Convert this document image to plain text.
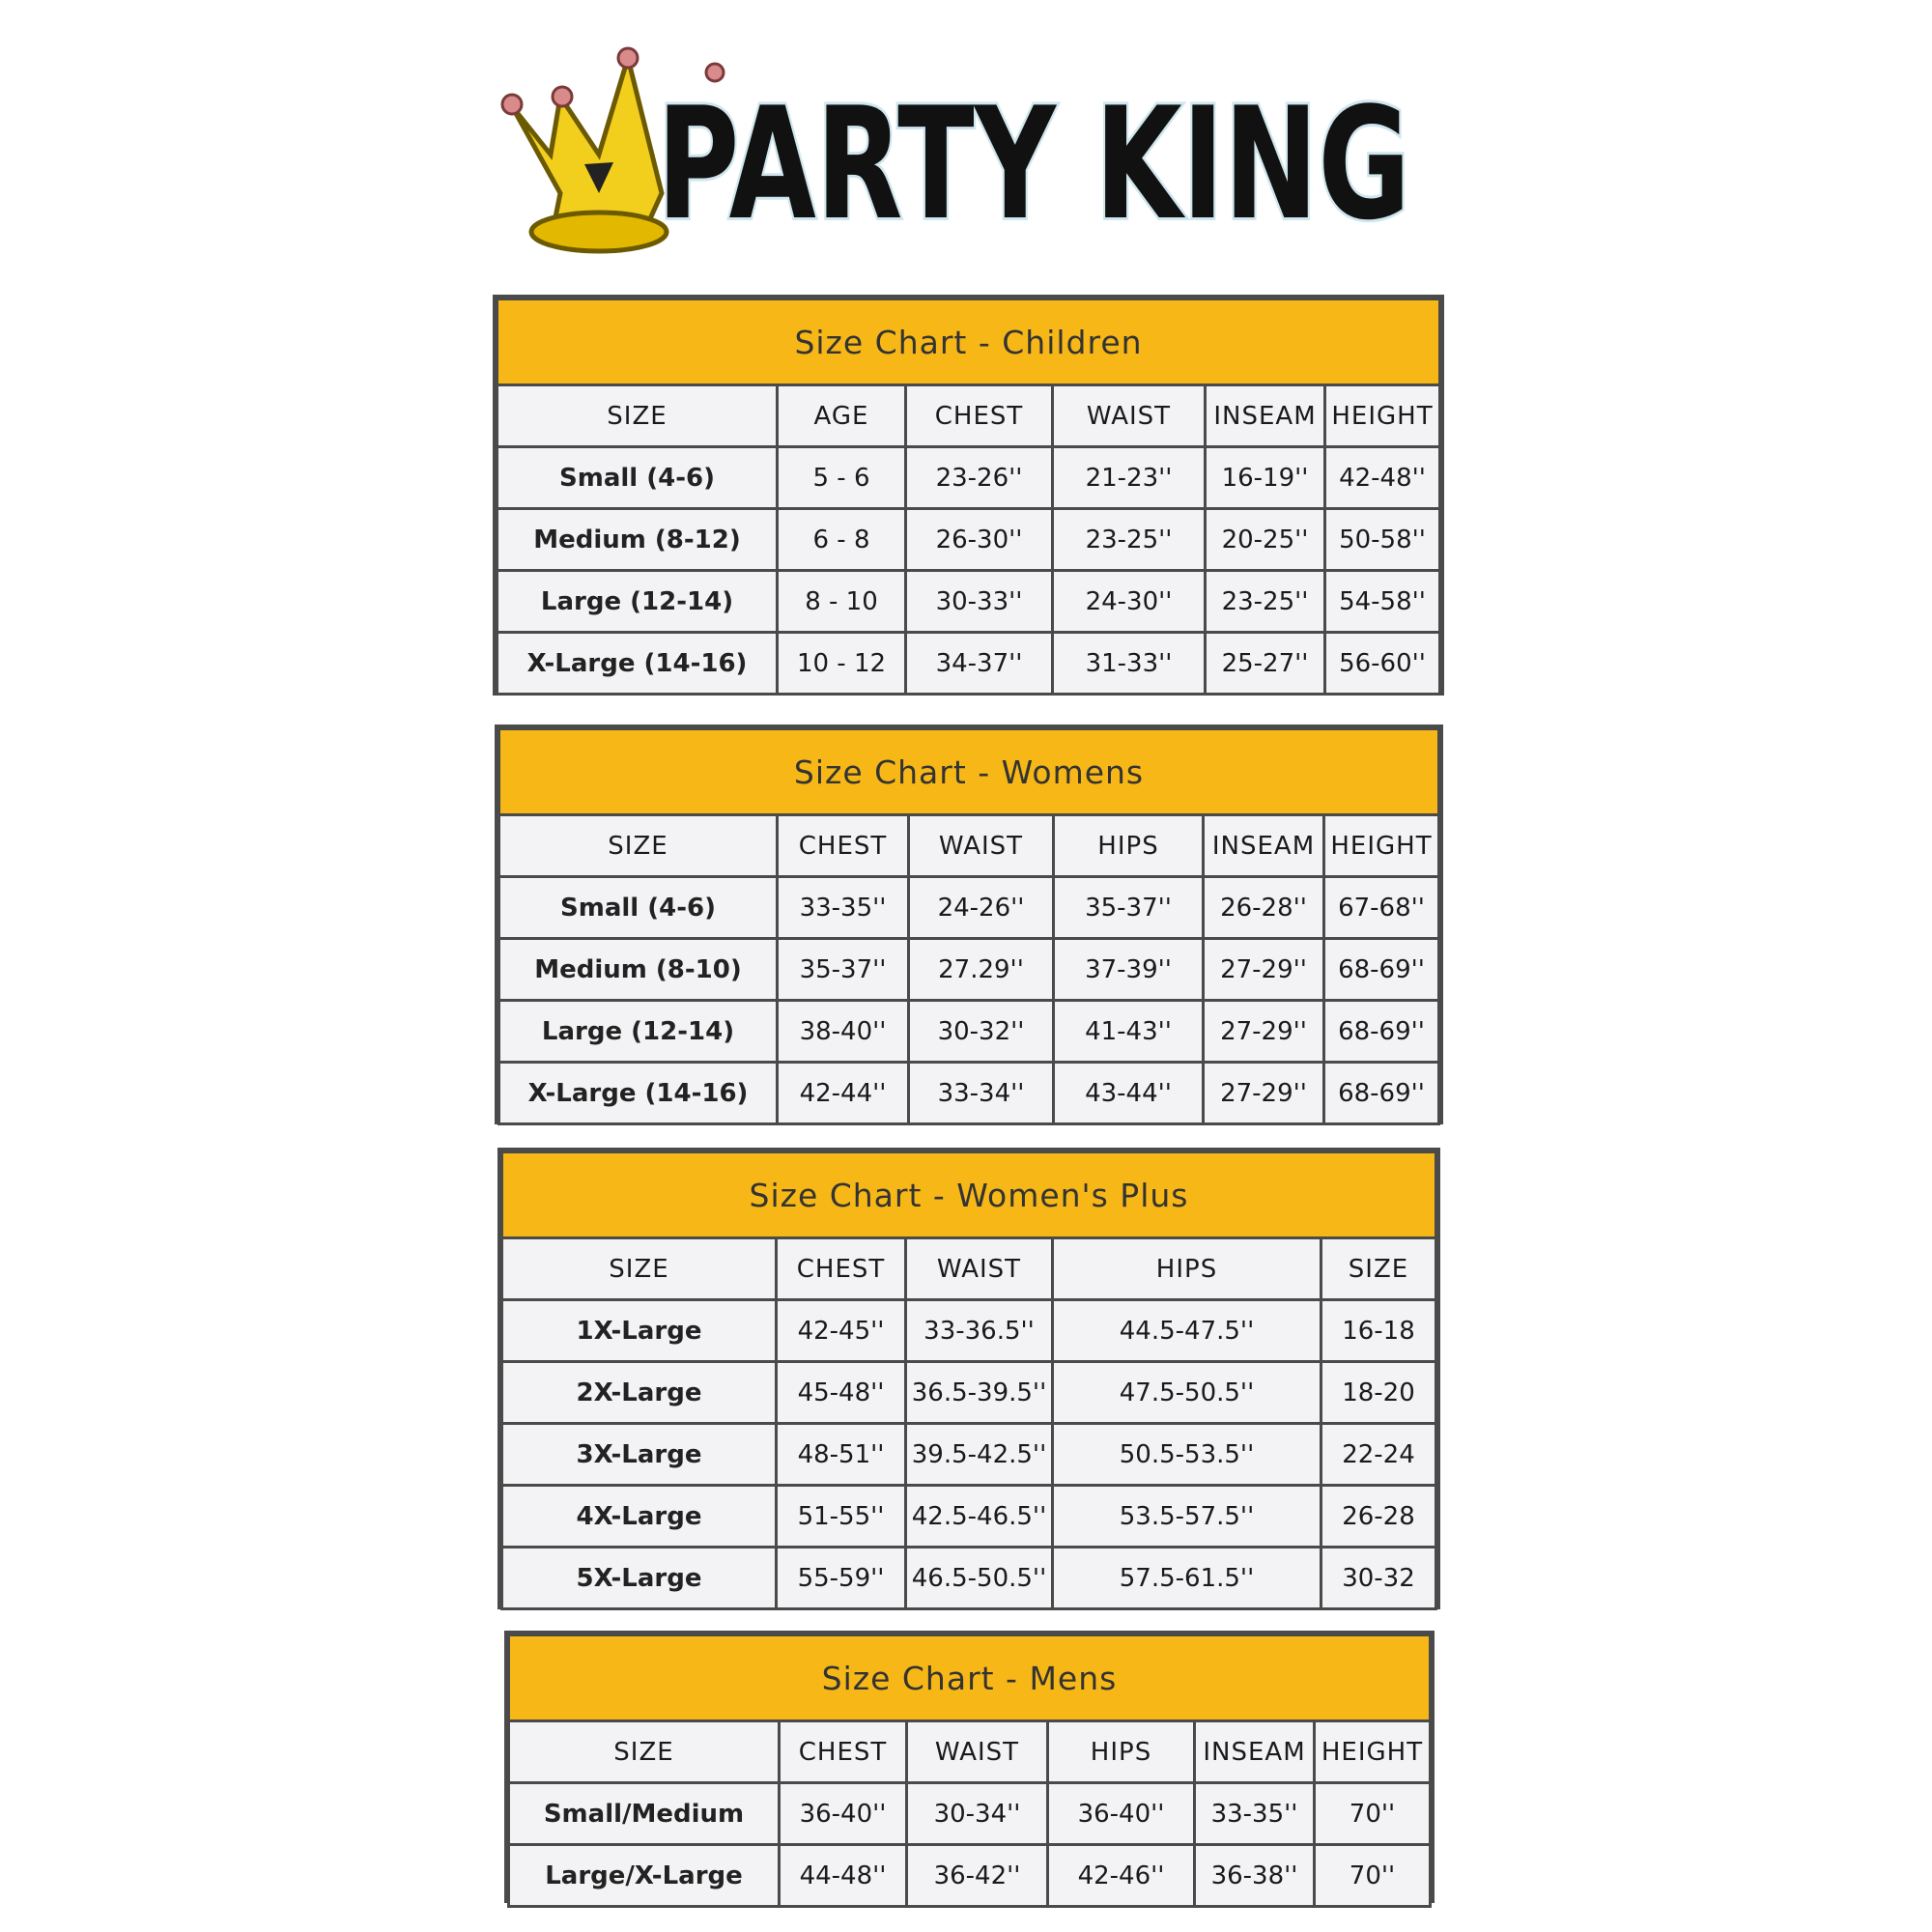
PARTY KING
Size Chart - Children					
SIZE	AGE	CHEST	WAIST	INSEAM	HEIGHT
Small (4-6)	5 - 6	23-26''	21-23''	16-19''	42-48''
Medium (8-12)	6 - 8	26-30''	23-25''	20-25''	50-58''
Large (12-14)	8 - 10	30-33''	24-30''	23-25''	54-58''
X-Large (14-16)	10 - 12	34-37''	31-33''	25-27''	56-60''
Size Chart - Womens					
SIZE	CHEST	WAIST	HIPS	INSEAM	HEIGHT
Small (4-6)	33-35''	24-26''	35-37''	26-28''	67-68''
Medium (8-10)	35-37''	27.29''	37-39''	27-29''	68-69''
Large (12-14)	38-40''	30-32''	41-43''	27-29''	68-69''
X-Large (14-16)	42-44''	33-34''	43-44''	27-29''	68-69''
Size Chart - Women's Plus				
SIZE	CHEST	WAIST	HIPS	SIZE
1X-Large	42-45''	33-36.5''	44.5-47.5''	16-18
2X-Large	45-48''	36.5-39.5''	47.5-50.5''	18-20
3X-Large	48-51''	39.5-42.5''	50.5-53.5''	22-24
4X-Large	51-55''	42.5-46.5''	53.5-57.5''	26-28
5X-Large	55-59''	46.5-50.5''	57.5-61.5''	30-32
Size Chart - Mens					
SIZE	CHEST	WAIST	HIPS	INSEAM	HEIGHT
Small/Medium	36-40''	30-34''	36-40''	33-35''	70''
Large/X-Large	44-48''	36-42''	42-46''	36-38''	70''
